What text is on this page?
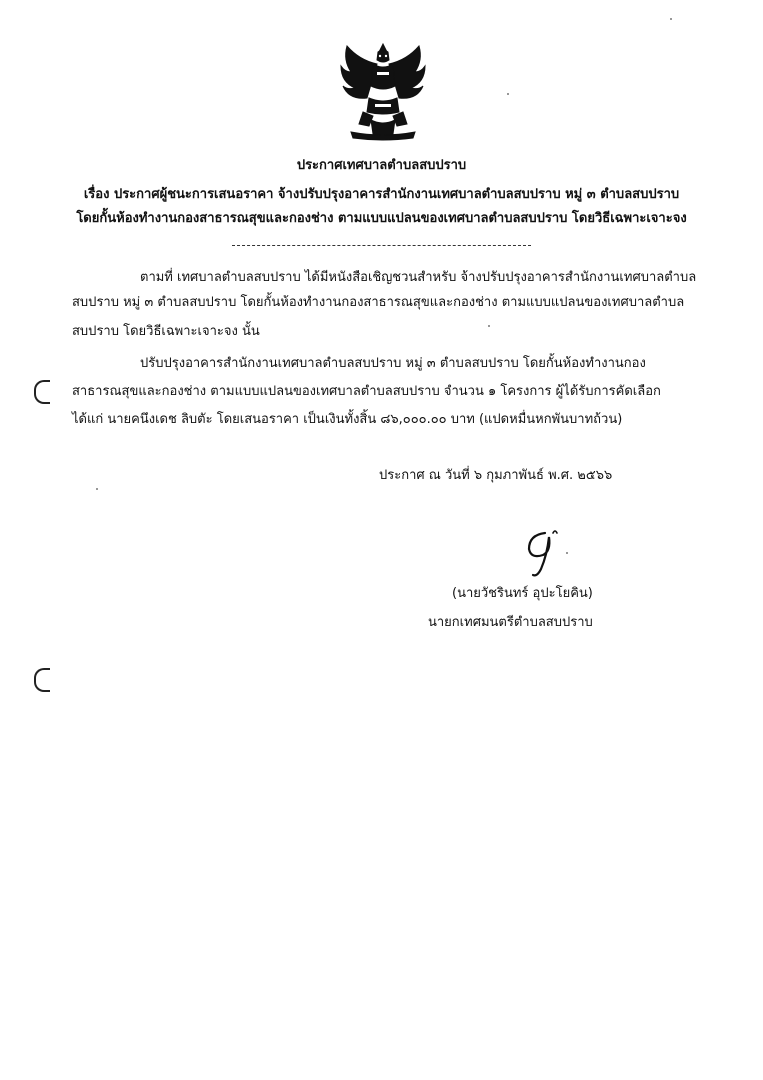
ประกาศเทศบาลตำบลสบปราบ
เรื่อง ประกาศผู้ชนะการเสนอราคา จ้างปรับปรุงอาคารสำนักงานเทศบาลตำบลสบปราบ หมู่ ๓ ตำบลสบปราบ
โดยกั้นห้องทำงานกองสาธารณสุขและกองช่าง ตามแบบแปลนของเทศบาลตำบลสบปราบ โดยวิธีเฉพาะเจาะจง
ตามที่ เทศบาลตำบลสบปราบ ได้มีหนังสือเชิญชวนสำหรับ จ้างปรับปรุงอาคารสำนักงานเทศบาลตำบล
สบปราบ หมู่ ๓ ตำบลสบปราบ โดยกั้นห้องทำงานกองสาธารณสุขและกองช่าง ตามแบบแปลนของเทศบาลตำบล
สบปราบ โดยวิธีเฉพาะเจาะจง นั้น
ปรับปรุงอาคารสำนักงานเทศบาลตำบลสบปราบ หมู่ ๓ ตำบลสบปราบ โดยกั้นห้องทำงานกอง
สาธารณสุขและกองช่าง ตามแบบแปลนของเทศบาลตำบลสบปราบ จำนวน ๑ โครงการ ผู้ได้รับการคัดเลือก
ได้แก่ นายคนึงเดช ลิบตัะ โดยเสนอราคา เป็นเงินทั้งสิ้น ๘๖,๐๐๐.๐๐ บาท (แปดหมื่นหกพันบาทถ้วน)
ประกาศ ณ วันที่ ๖ กุมภาพันธ์ พ.ศ. ๒๕๖๖
(นายวัชรินทร์ อุปะโยคิน)
นายกเทศมนตรีตำบลสบปราบ
